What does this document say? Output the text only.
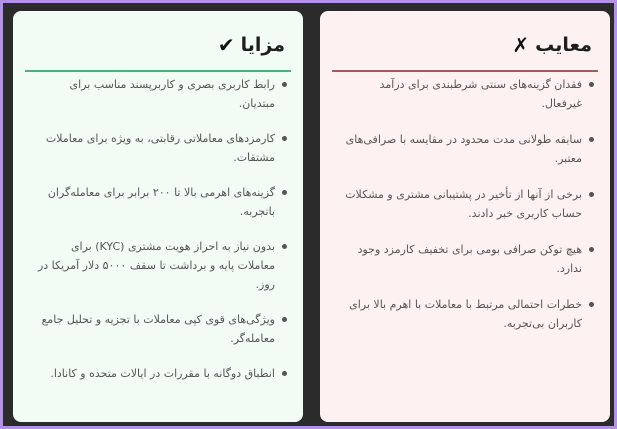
مزایا
✔
رابط کاربری بصری و کاربرپسند مناسب برای مبتدیان.
کارمزدهای معاملاتی رقابتی، به ویژه برای معاملات مشتقات.
گزینه‌های اهرمی بالا تا ۲۰۰ برابر برای معامله‌گران باتجربه.
بدون نیاز به احراز هویت مشتری (KYC) برای معاملات پایه و برداشت تا سقف ۵۰۰۰ دلار آمریکا در روز.
ویژگی‌های قوی کپی معاملات با تجزیه و تحلیل جامع معامله‌گر.
انطباق دوگانه با مقررات در ایالات متحده و کانادا.
معایب
✗
فقدان گزینه‌های سنتی شرطبندی برای درآمد غیرفعال.
سابقه طولانی مدت محدود در مقایسه با صرافی‌های معتبر.
برخی از آنها از تأخیر در پشتیبانی مشتری و مشکلات حساب کاربری خبر دادند.
هیچ توکن صرافی بومی برای تخفیف کارمزد وجود ندارد.
خطرات احتمالی مرتبط با معاملات با اهرم بالا برای کاربران بی‌تجربه.
